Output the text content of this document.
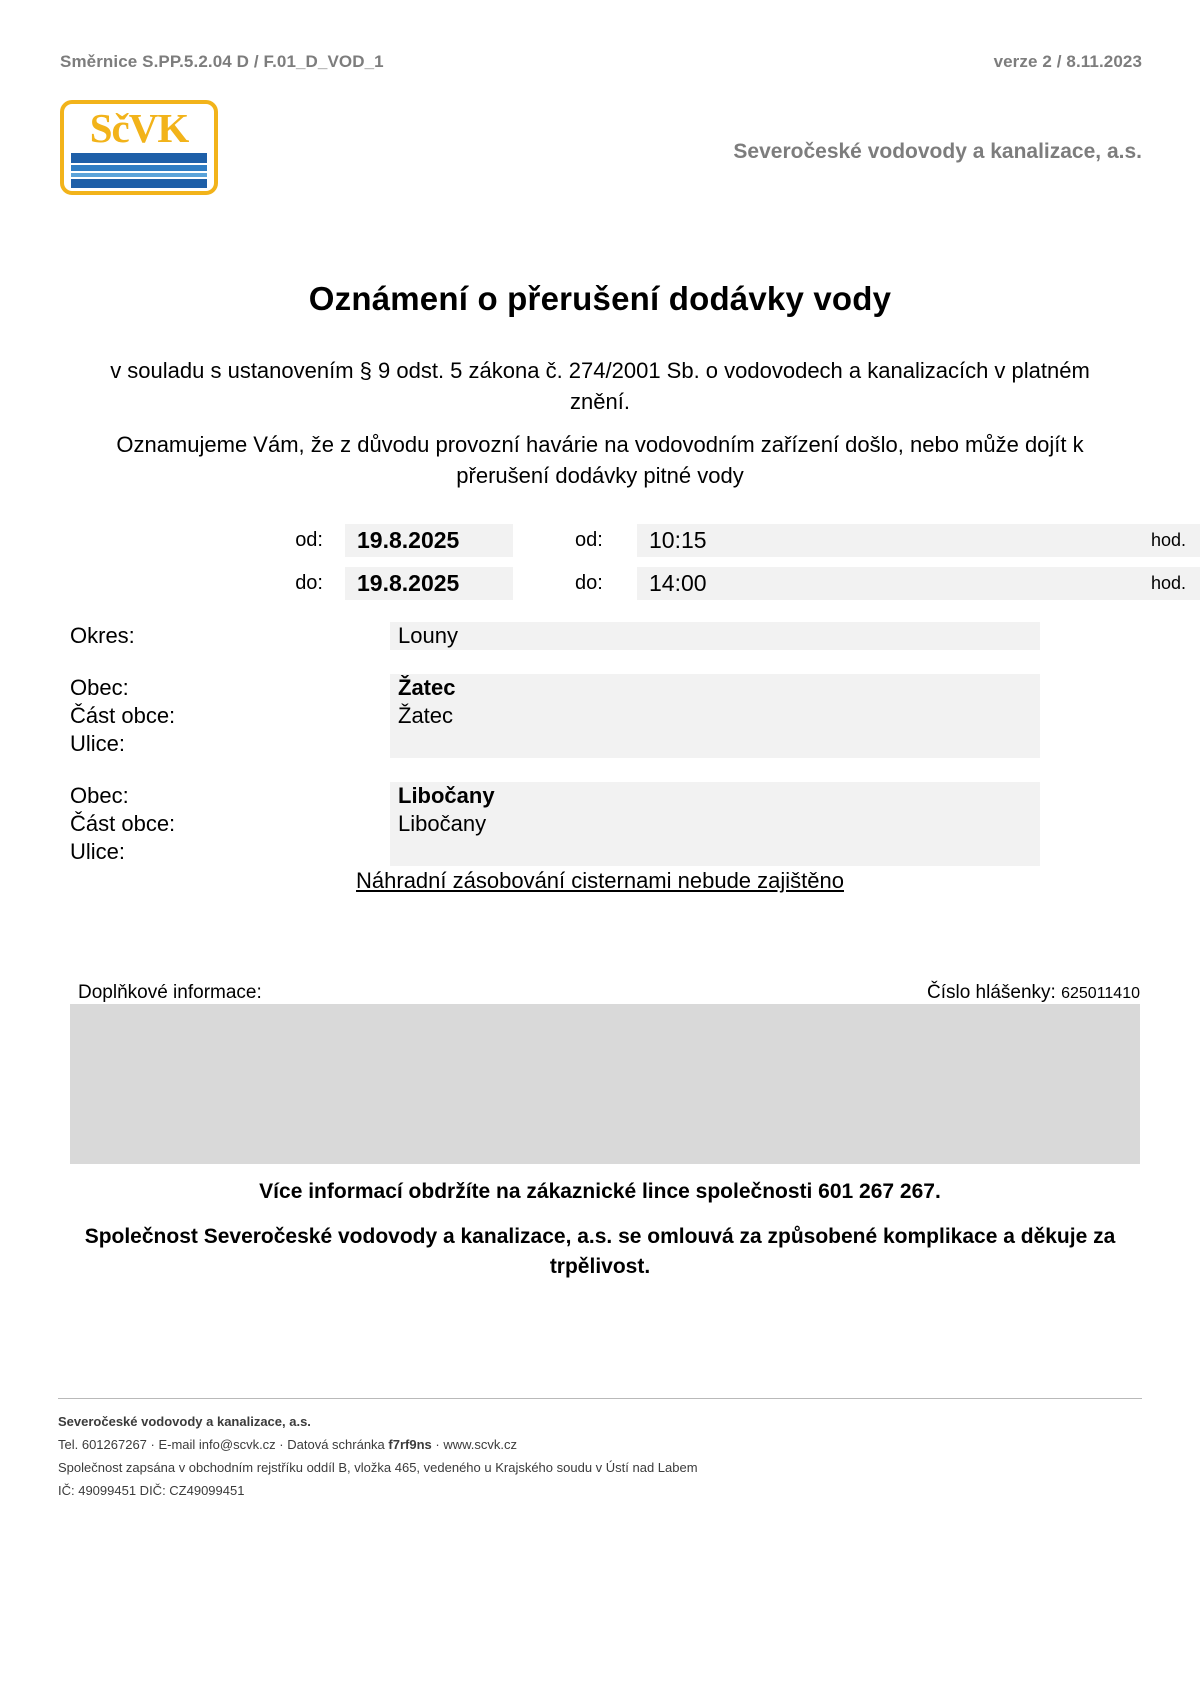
Směrnice S.PP.5.2.04 D / F.01_D_VOD_1	verze 2 / 8.11.2023
SčVK
Severočeské vodovody a kanalizace, a.s.
Oznámení o přerušení dodávky vody
v souladu s ustanovením § 9 odst. 5 zákona č. 274/2001 Sb. o vodovodech a kanalizacích v platném znění.
Oznamujeme Vám, že z důvodu provozní havárie na vodovodním zařízení došlo, nebo může dojít k přerušení dodávky pitné vody
od:	19.8.2025	od:	10:15	hod.
do:	19.8.2025	do:	14:00	hod.
Okres:	Louny
Obec:	Žatec
Část obce:	Žatec
Ulice:
Obec:	Libočany
Část obce:	Libočany
Ulice:
Náhradní zásobování cisternami nebude zajištěno
Doplňkové informace:	Číslo hlášenky: 625011410
Více informací obdržíte na zákaznické lince společnosti 601 267 267.
Společnost Severočeské vodovody a kanalizace, a.s. se omlouvá za způsobené komplikace a děkuje za trpělivost.
Severočeské vodovody a kanalizace, a.s.
Tel. 601267267 · E-mail info@scvk.cz · Datová schránka f7rf9ns · www.scvk.cz
Společnost zapsána v obchodním rejstříku oddíl B, vložka 465, vedeného u Krajského soudu v Ústí nad Labem
IČ: 49099451 DIČ: CZ49099451
